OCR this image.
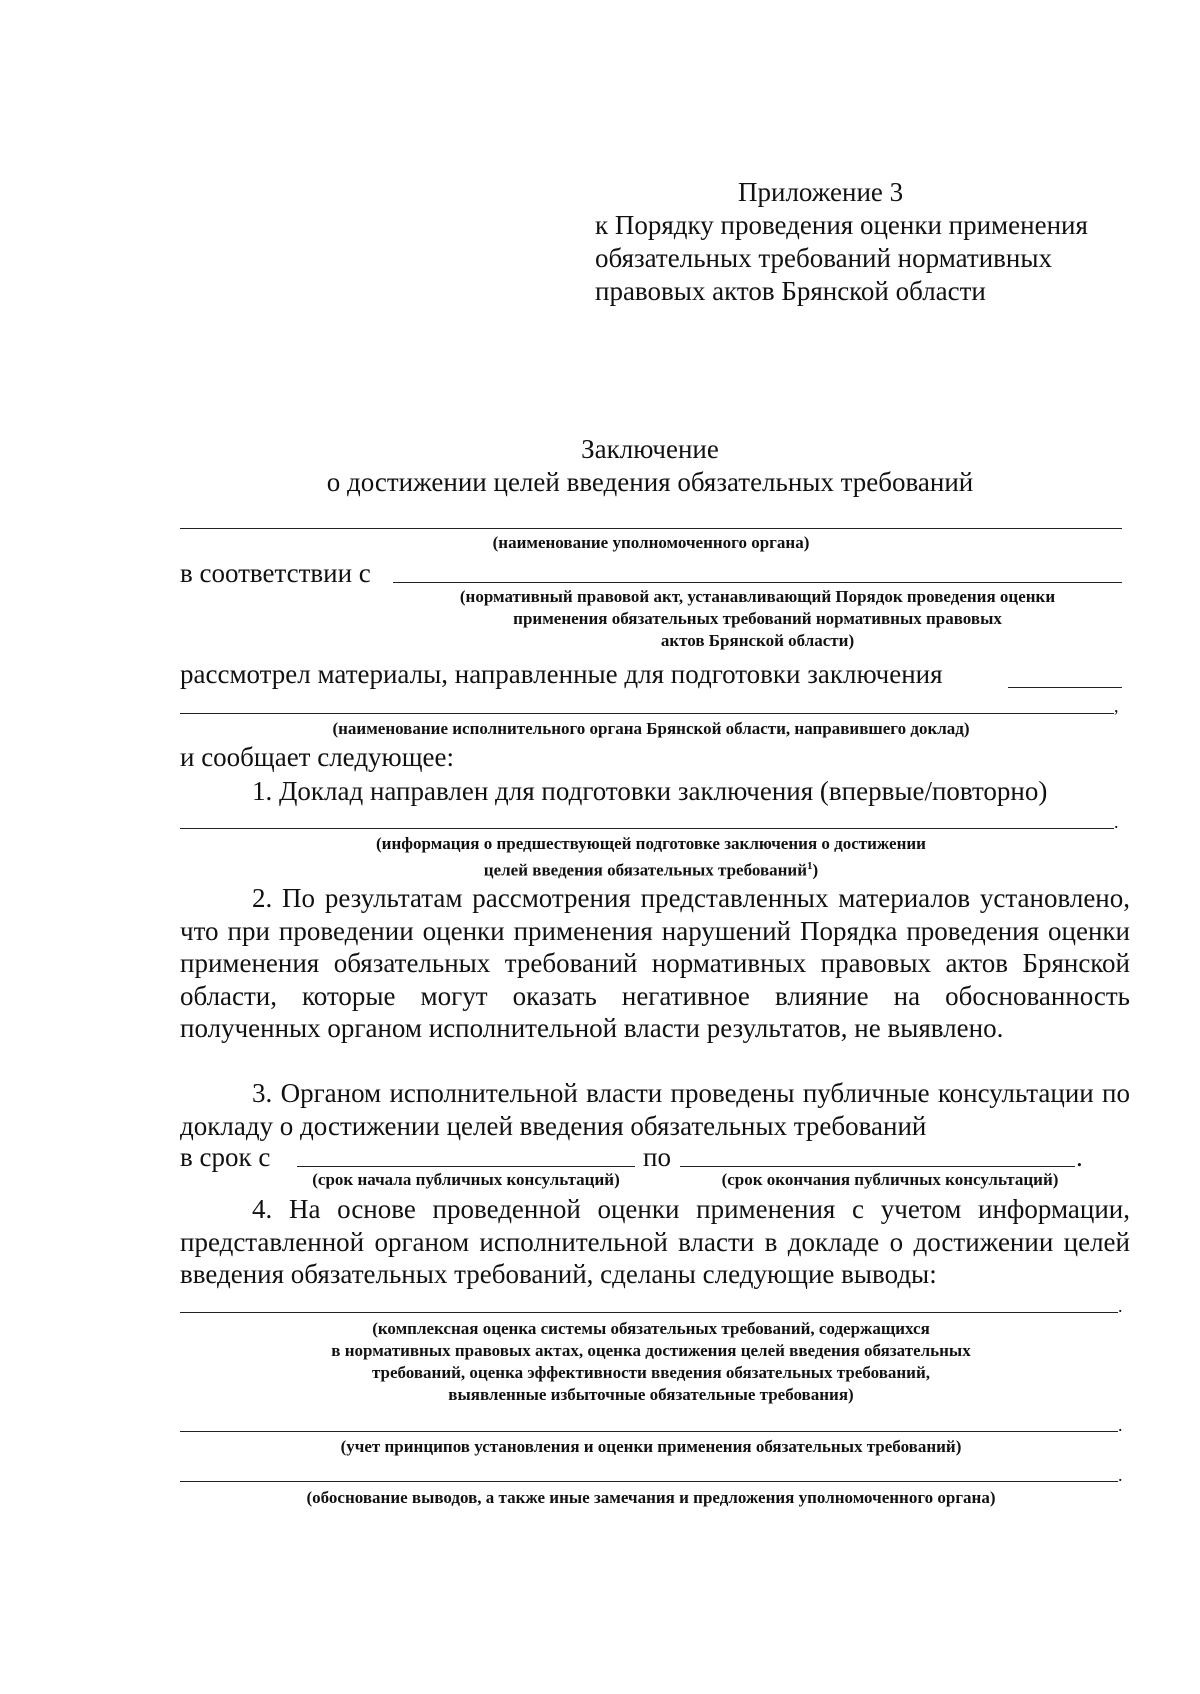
Приложение 3
к Порядку проведения оценки применения
обязательных требований нормативных
правовых актов Брянской области
Заключение
о достижении целей введения обязательных требований
(наименование уполномоченного органа)
в соответствии с
(нормативный правовой акт, устанавливающий Порядок проведения оценки
применения обязательных требований нормативных правовых
актов Брянской области)
рассмотрел материалы, направленные для подготовки заключения
,
(наименование исполнительного органа Брянской области, направившего доклад)
и сообщает следующее:
1. Доклад направлен для подготовки заключения (впервые/повторно)
.
(информация о предшествующей подготовке заключения о достижении
целей введения обязательных требований$^1$)
2. По результатам рассмотрения представленных материалов установлено, что при проведении оценки применения нарушений Порядка проведения оценки применения обязательных требований нормативных правовых актов Брянской области, которые могут оказать негативное влияние на обоснованность полученных органом исполнительной власти результатов, не выявлено.
3. Органом исполнительной власти проведены публичные консультации по докладу о достижении целей введения обязательных требований
в срок с	по	.
(срок начала публичных консультаций)	(срок окончания публичных консультаций)
4. На основе проведенной оценки применения с учетом информации, представленной органом исполнительной власти в докладе о достижении целей введения обязательных требований, сделаны следующие выводы:
.
(комплексная оценка системы обязательных требований, содержащихся
в нормативных правовых актах, оценка достижения целей введения обязательных
требований, оценка эффективности введения обязательных требований,
выявленные избыточные обязательные требования)
.
(учет принципов установления и оценки применения обязательных требований)
.
(обоснование выводов, а также иные замечания и предложения уполномоченного органа)
